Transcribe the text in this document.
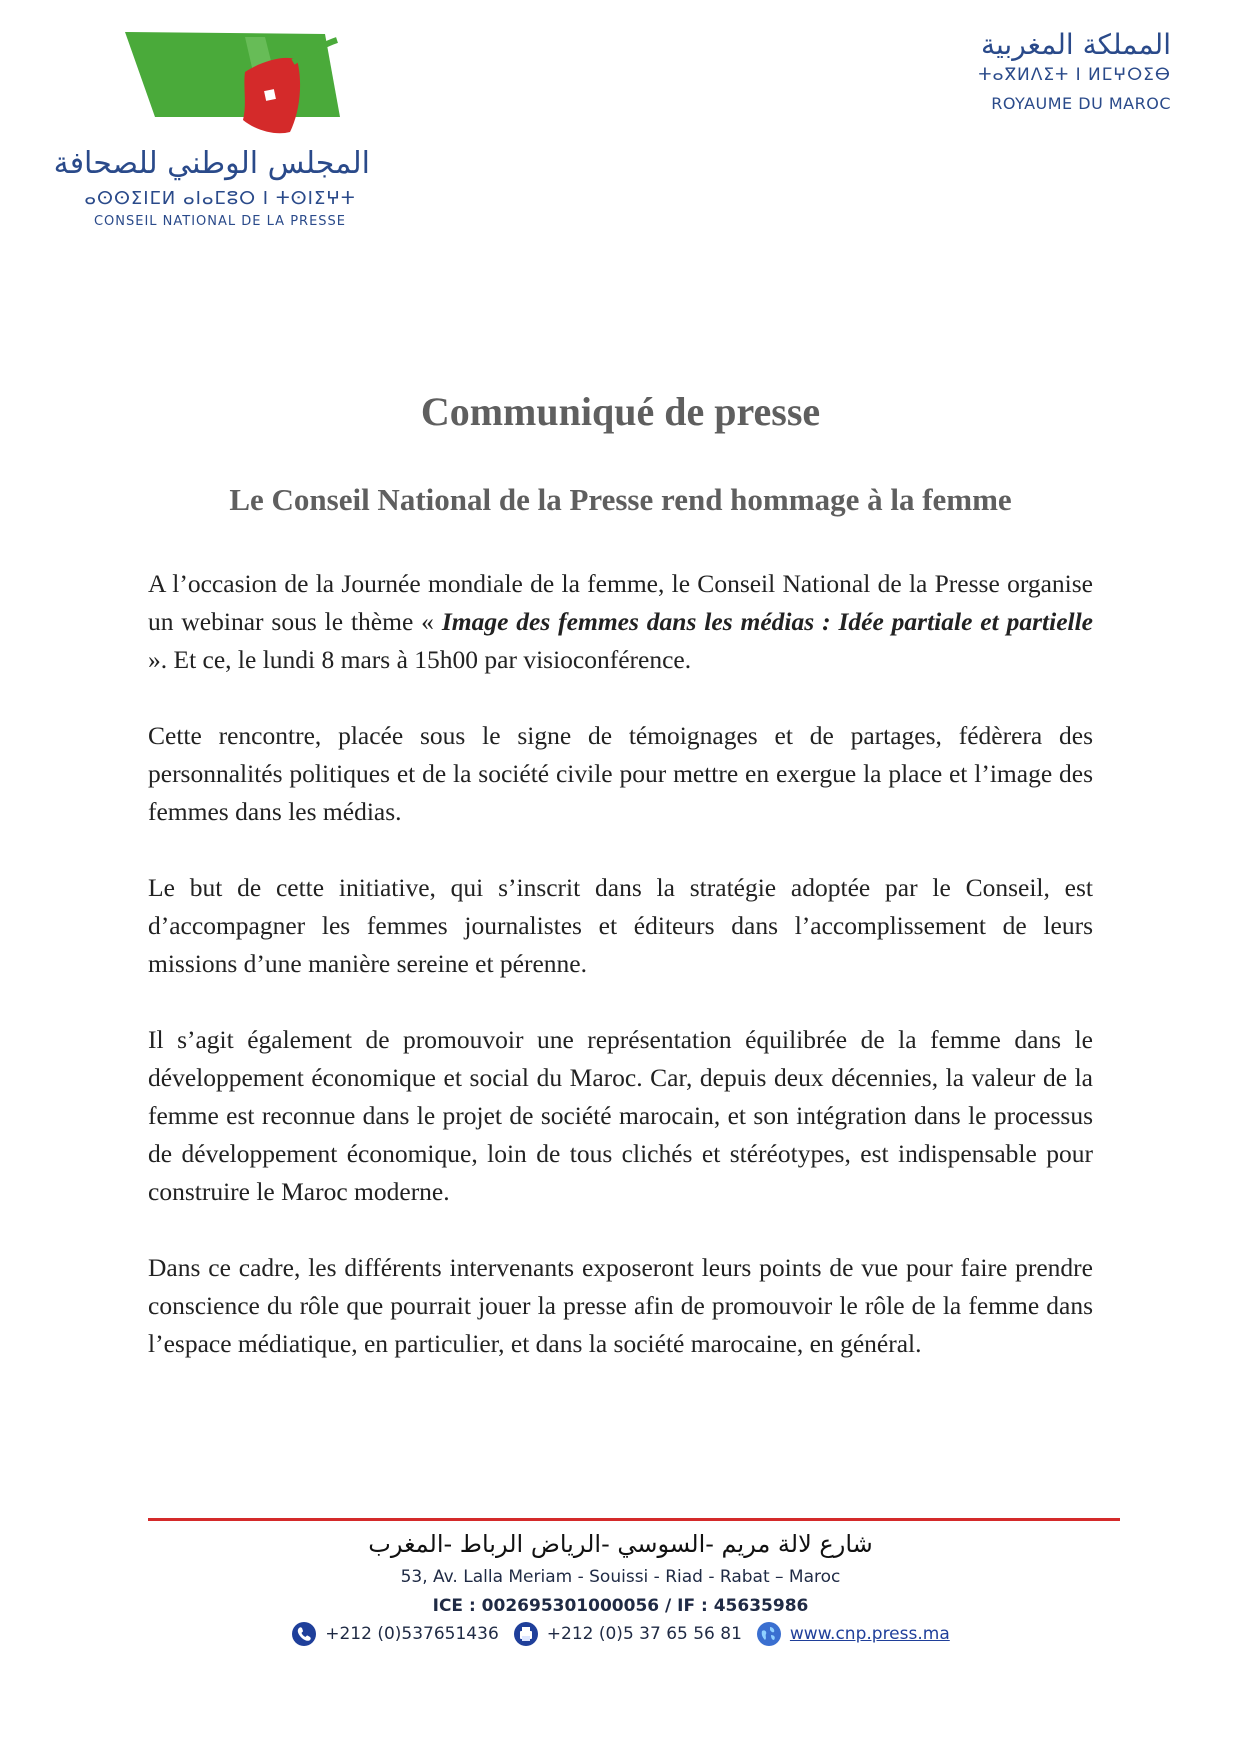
المجلس الوطني للصحافة
ⴰⵙⵙⵉⵏⵎⵍ ⴰⵏⴰⵎⵓⵔ ⵏ ⵜⵙⵏⵉⵖⵜ
CONSEIL NATIONAL DE LA PRESSE
المملكة المغربية
ⵜⴰⴳⵍⴷⵉⵜ ⵏ ⵍⵎⵖⵔⵉⴱ
ROYAUME DU MAROC
Communiqué de presse
Le Conseil National de la Presse rend hommage à la femme

A l’occasion de la Journée mondiale de la femme, le Conseil National de la Presse organise un webinar sous le thème « Image des femmes dans les médias : Idée partiale et partielle ». Et ce, le lundi 8 mars à 15h00 par visioconférence.

Cette rencontre, placée sous le signe de témoignages et de partages, fédèrera des personnalités politiques et de la société civile pour mettre en exergue la place et l’image des femmes dans les médias.

Le but de cette initiative, qui s’inscrit dans la stratégie adoptée par le Conseil, est d’accompagner les femmes journalistes et éditeurs dans l’accomplissement de leurs missions d’une manière sereine et pérenne.

Il s’agit également de promouvoir une représentation équilibrée de la femme dans le développement économique et social du Maroc. Car, depuis deux décennies, la valeur de la femme est reconnue dans le projet de société marocain, et son intégration dans le processus de développement économique, loin de tous clichés et stéréotypes, est indispensable pour construire le Maroc moderne.

Dans ce cadre, les différents intervenants exposeront leurs points de vue pour faire prendre conscience du rôle que pourrait jouer la presse afin de promouvoir le rôle de la femme dans l’espace médiatique, en particulier, et dans la société marocaine, en général.

شارع لالة مريم -السوسي -الرياض الرباط -المغرب
53, Av. Lalla Meriam - Souissi - Riad - Rabat – Maroc
ICE : 002695301000056 / IF : 45635986
+212 (0)537651436	+212 (0)5 37 65 56 81	www.cnp.press.ma
